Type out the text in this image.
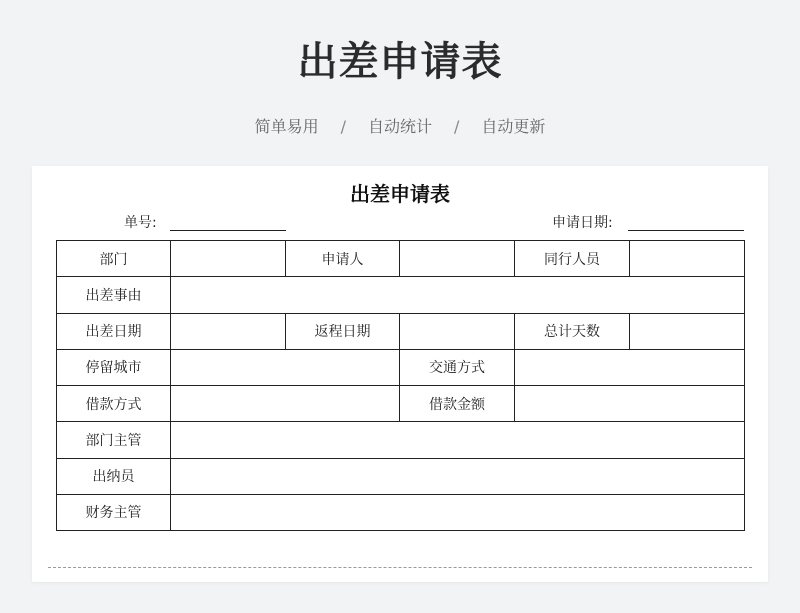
出差申请表
简单易用 / 自动统计 / 自动更新
出差申请表
单号:	申请日期:
部门		申请人		同行人员	
出差事由					
出差日期		返程日期		总计天数	
停留城市			交通方式		
借款方式			借款金额		
部门主管					
出纳员					
财务主管					
